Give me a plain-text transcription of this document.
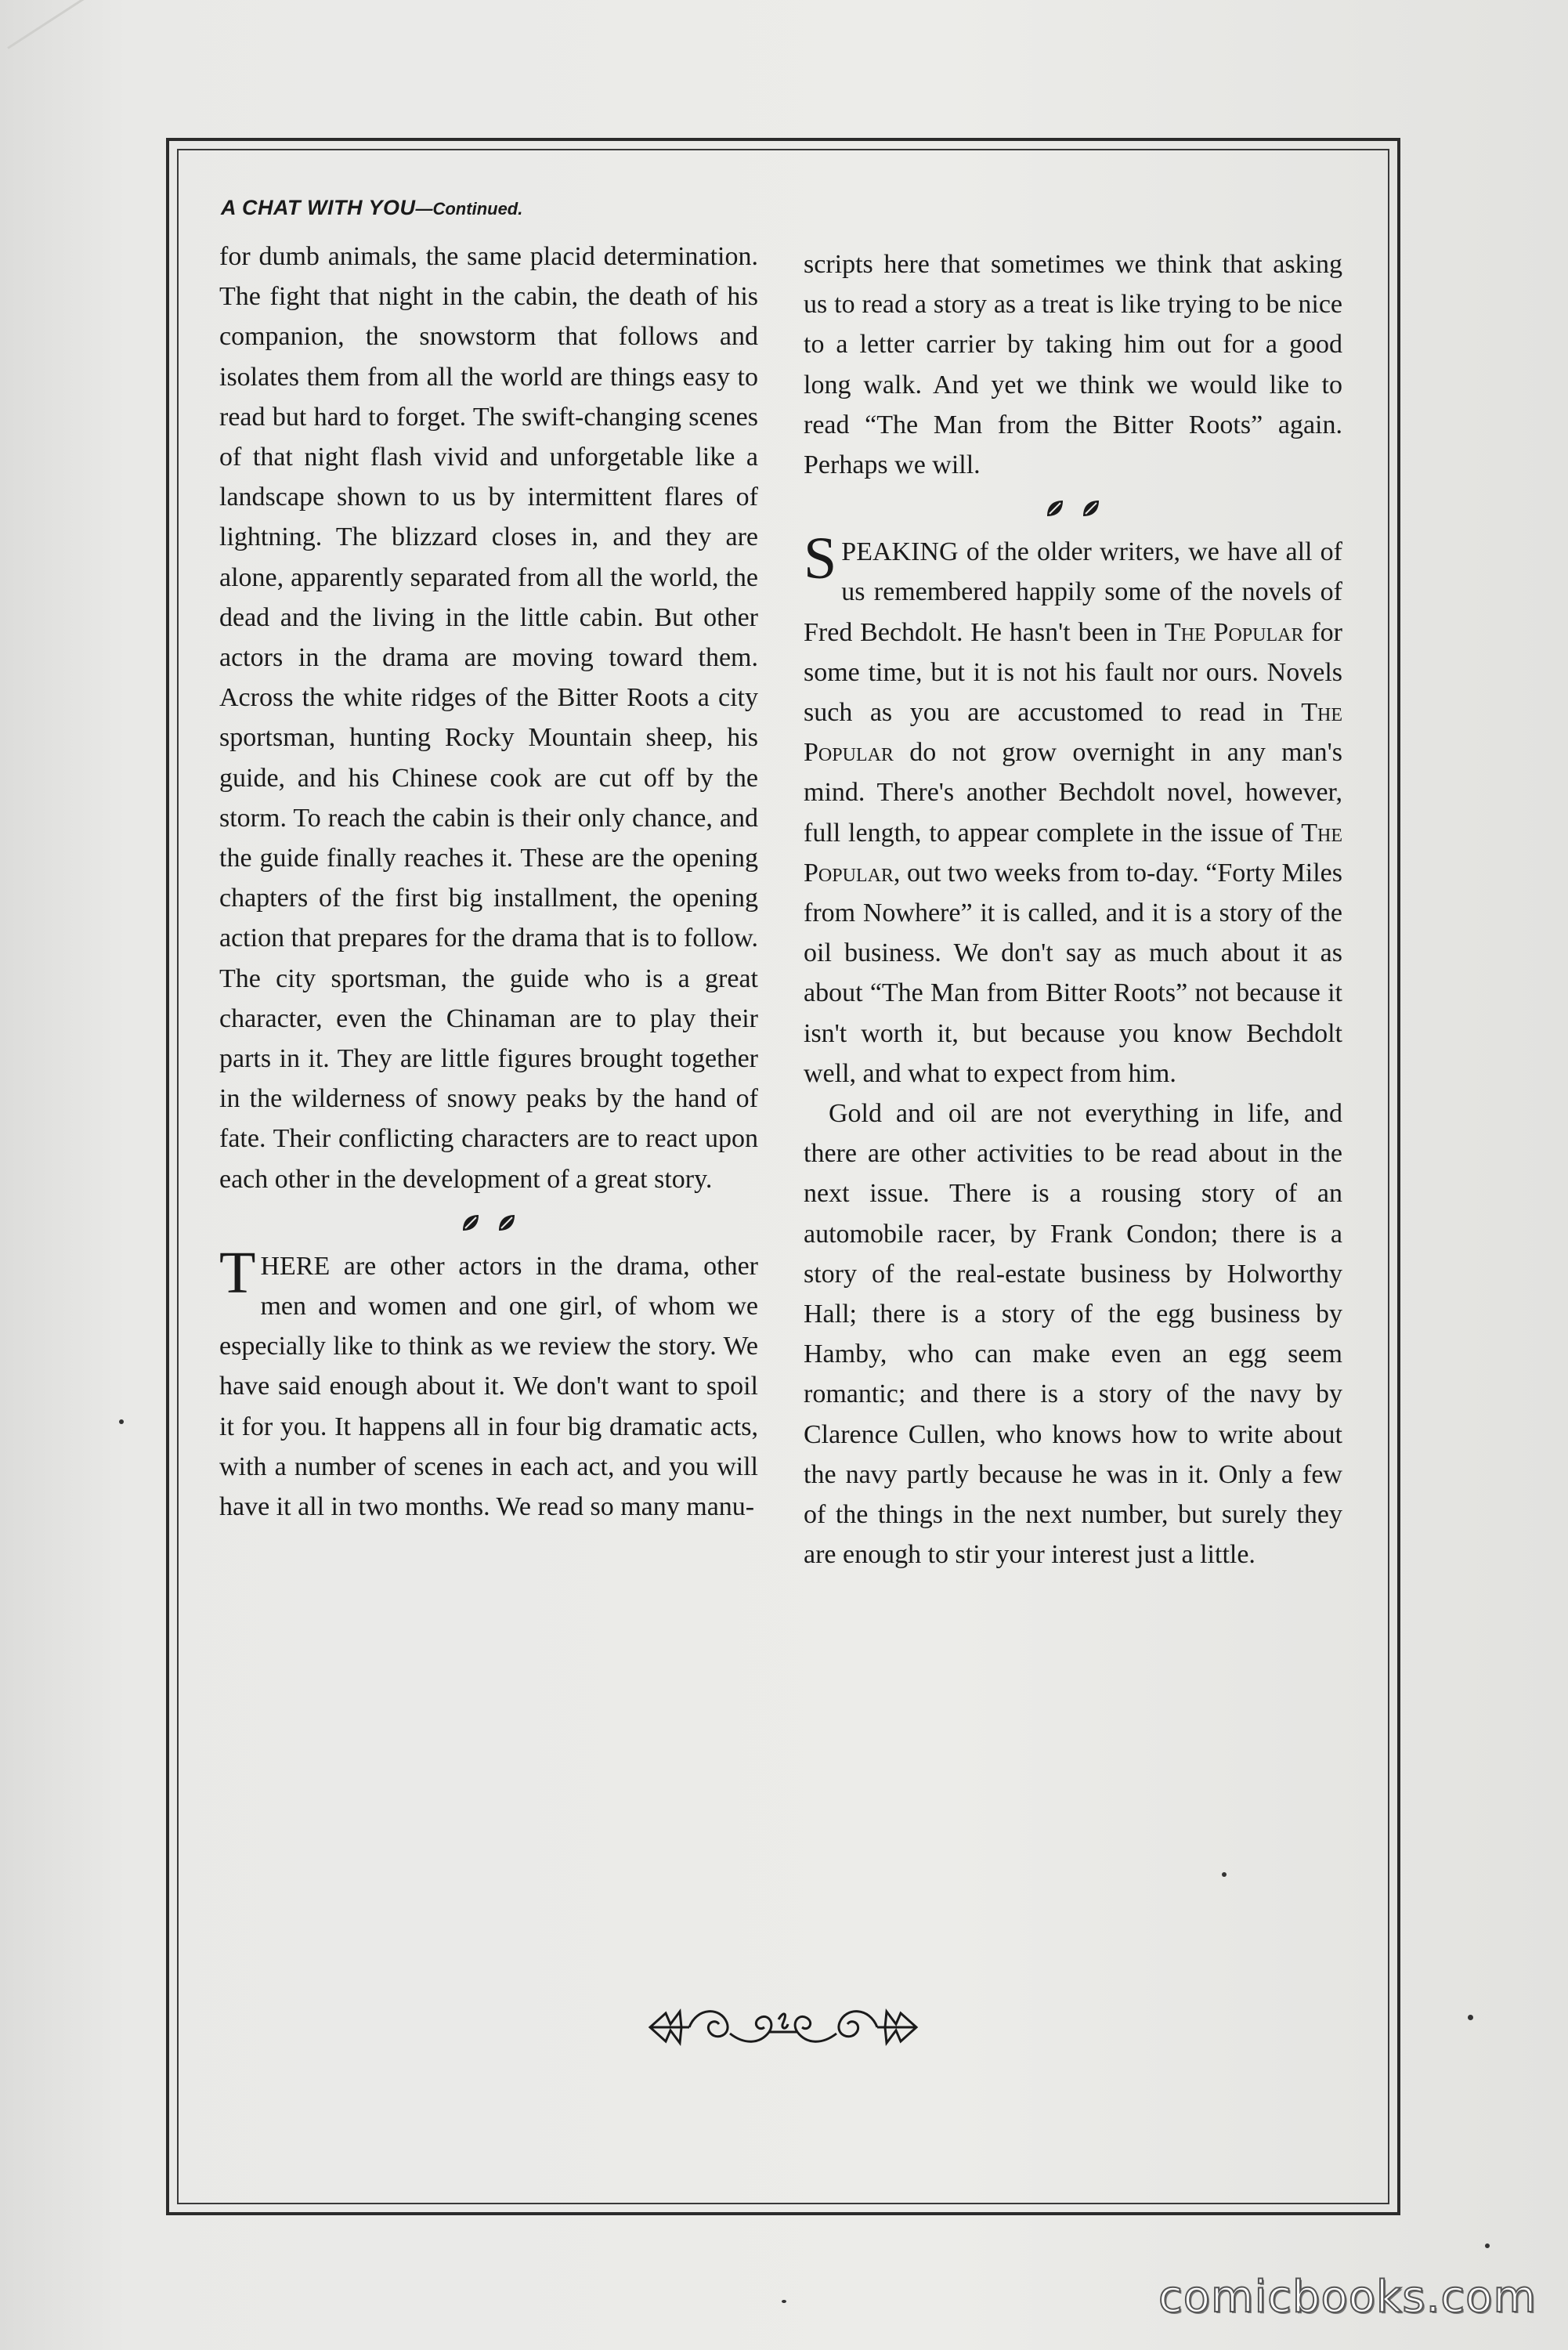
A CHAT WITH YOU—Continued.

for dumb animals, the same placid determination. The fight that night in the cabin, the death of his companion, the snowstorm that follows and isolates them from all the world are things easy to read but hard to forget. The swift-changing scenes of that night flash vivid and unforgetable like a landscape shown to us by intermittent flares of lightning. The blizzard closes in, and they are alone, apparently separated from all the world, the dead and the living in the little cabin. But other actors in the drama are moving toward them. Across the white ridges of the Bitter Roots a city sportsman, hunting Rocky Mountain sheep, his guide, and his Chinese cook are cut off by the storm. To reach the cabin is their only chance, and the guide finally reaches it. These are the opening chapters of the first big installment, the opening action that prepares for the drama that is to follow. The city sportsman, the guide who is a great character, even the Chinaman are to play their parts in it. They are little figures brought together in the wilderness of snowy peaks by the hand of fate. Their conflicting characters are to react upon each other in the development of a great story.

THERE are other actors in the drama, other men and women and one girl, of whom we especially like to think as we review the story. We have said enough about it. We don't want to spoil it for you. It happens all in four big dramatic acts, with a number of scenes in each act, and you will have it all in two months. We read so many manu-

scripts here that sometimes we think that asking us to read a story as a treat is like trying to be nice to a letter carrier by taking him out for a good long walk. And yet we think we would like to read “The Man from the Bitter Roots” again. Perhaps we will.

SPEAKING of the older writers, we have all of us remembered happily some of the novels of Fred Bechdolt. He hasn't been in The Popular for some time, but it is not his fault nor ours. Novels such as you are accustomed to read in The Popular do not grow overnight in any man's mind. There's another Bechdolt novel, however, full length, to appear complete in the issue of The Popular, out two weeks from to-day. “Forty Miles from Nowhere” it is called, and it is a story of the oil business. We don't say as much about it as about “The Man from Bitter Roots” not because it isn't worth it, but because you know Bechdolt well, and what to expect from him.

Gold and oil are not everything in life, and there are other activities to be read about in the next issue. There is a rousing story of an automobile racer, by Frank Condon; there is a story of the real-estate business by Holworthy Hall; there is a story of the egg business by Hamby, who can make even an egg seem romantic; and there is a story of the navy by Clarence Cullen, who knows how to write about the navy partly because he was in it. Only a few of the things in the next number, but surely they are enough to stir your interest just a little.

comicbooks.com
